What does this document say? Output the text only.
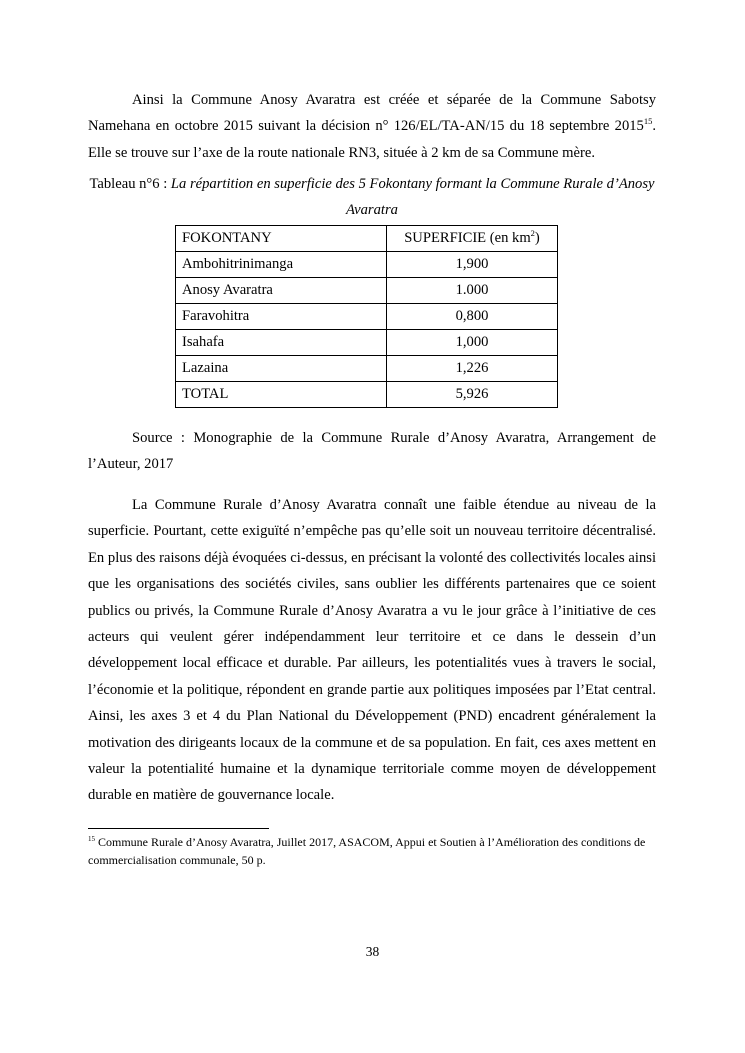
Ainsi la Commune Anosy Avaratra est créée et séparée de la Commune Sabotsy Namehana en octobre 2015 suivant la décision n° 126/EL/TA-AN/15 du 18 septembre 2015$^{15}$. Elle se trouve sur l’axe de la route nationale RN3, située à 2 km de sa Commune mère.

Tableau n°6 : La répartition en superficie des 5 Fokontany formant la Commune Rurale d’Anosy Avaratra

FOKONTANY	SUPERFICIE (en $km^2$)
Ambohitrinimanga	1,900
Anosy Avaratra	1.000
Faravohitra	0,800
Isahafa	1,000
Lazaina	1,226
TOTAL	5,926

Source : Monographie de la Commune Rurale d’Anosy Avaratra, Arrangement de l’Auteur, 2017

La Commune Rurale d’Anosy Avaratra connaît une faible étendue au niveau de la superficie. Pourtant, cette exiguïté n’empêche pas qu’elle soit un nouveau territoire décentralisé. En plus des raisons déjà évoquées ci-dessus, en précisant la volonté des collectivités locales ainsi que les organisations des sociétés civiles, sans oublier les différents partenaires que ce soient publics ou privés, la Commune Rurale d’Anosy Avaratra a vu le jour grâce à l’initiative de ces acteurs qui veulent gérer indépendamment leur territoire et ce dans le dessein d’un développement local efficace et durable. Par ailleurs, les potentialités vues à travers le social, l’économie et la politique, répondent en grande partie aux politiques imposées par l’Etat central. Ainsi, les axes 3 et 4 du Plan National du Développement (PND) encadrent généralement la motivation des dirigeants locaux de la commune et de sa population. En fait, ces axes mettent en valeur la potentialité humaine et la dynamique territoriale comme moyen de développement durable en matière de gouvernance locale.

$^{15}$ Commune Rurale d’Anosy Avaratra, Juillet 2017, ASACOM, Appui et Soutien à l’Amélioration des conditions de commercialisation communale, 50 p.

38
